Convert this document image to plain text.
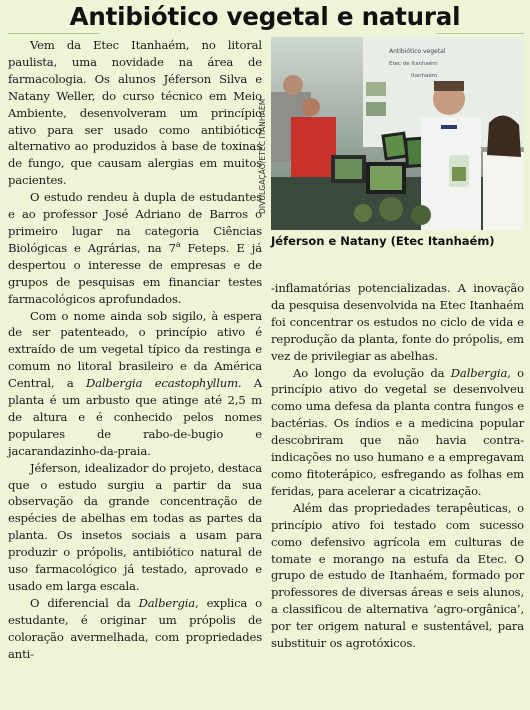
Antibiótico vegetal e natural

Vem da Etec Itanhaém, no litoral paulista, uma novidade na área de farmacologia. Os alunos Jéferson Silva e Natany Weller, do curso técnico em Meio Ambiente, desenvolveram um princípio ativo para ser usado como antibiótico alternativo ao produzidos à base de toxinas de fungo, que causam alergias em muitos pacientes.

O estudo rendeu à dupla de estudantes e ao professor José Adriano de Barros o primeiro lugar na categoria Ciências Biológicas e Agrárias, na 7$^a$ Feteps. E já despertou o interesse de empresas e de grupos de pesquisas em financiar testes farmacológicos aprofundados.

Com o nome ainda sob sigilo, à espera de ser patenteado, o princípio ativo é extraído de um vegetal típico da restinga e comum no litoral brasileiro e da América Central, a Dalbergia ecastophyllum. A planta é um arbusto que atinge até 2,5 m de altura e é conhecido pelos nomes populares de rabo-de-bugio e jacarandazinho-da-praia.

Jéferson, idealizador do projeto, destaca que o estudo surgiu a partir da sua observação da grande concentração de espécies de abelhas em todas as partes da planta. Os insetos sociais a usam para produzir o própolis, antibiótico natural de uso farmacológico já testado, aprovado e usado em larga escala.

O diferencial da Dalbergia, explica o estudante, é originar um própolis de coloração avermelhada, com propriedades anti-

DIVULGAÇÃO/ETEC ITANHAÉM
Antibiótico vegetal
Etec de Itanhaém
Itanhaém
Jéferson e Natany (Etec Itanhaém)

-inflamatórias potencializadas. A inovação da pesquisa desenvolvida na Etec Itanhaém foi concentrar os estudos no ciclo de vida e reprodução da planta, fonte do própolis, em vez de privilegiar as abelhas.

Ao longo da evolução da Dalbergia, o princípio ativo do vegetal se desenvolveu como uma defesa da planta contra fungos e bactérias. Os índios e a medicina popular descobriram que não havia contra-indicações no uso humano e a empregavam como fitoterápico, esfregando as folhas em feridas, para acelerar a cicatrização.

Além das propriedades terapêuticas, o princípio ativo foi testado com sucesso como defensivo agrícola em culturas de tomate e morango na estufa da Etec. O grupo de estudo de Itanhaém, formado por professores de diversas áreas e seis alunos, a classificou de alternativa ‘agro-orgânica’, por ter origem natural e sustentável, para substituir os agrotóxicos.
